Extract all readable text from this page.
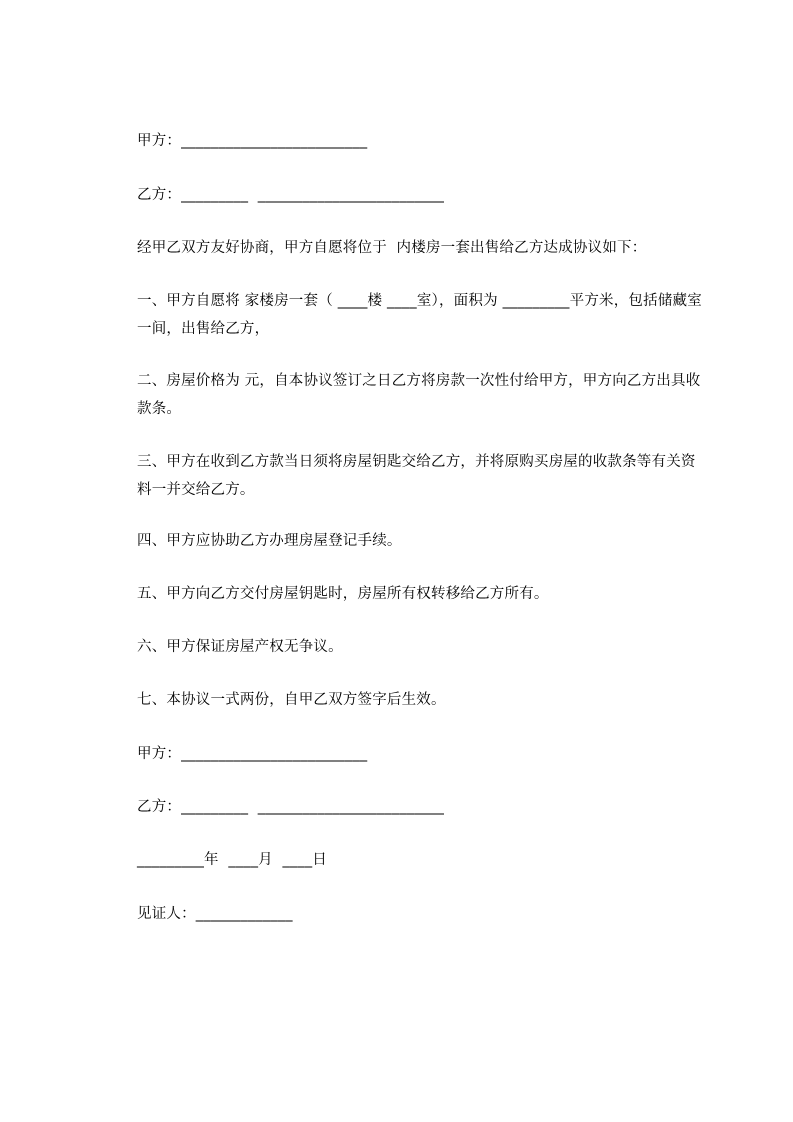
甲方：_________________________
乙方：_________  _________________________
经甲乙双方友好协商，甲方自愿将位于  内楼房一套出售给乙方达成协议如下：
一、甲方自愿将 家楼房一套（ ____楼 ____室），面积为 _________平方米，包括储藏室一间，出售给乙方，
二、房屋价格为 元，自本协议签订之日乙方将房款一次性付给甲方，甲方向乙方出具收款条。
三、甲方在收到乙方款当日须将房屋钥匙交给乙方，并将原购买房屋的收款条等有关资料一并交给乙方。
四、甲方应协助乙方办理房屋登记手续。
五、甲方向乙方交付房屋钥匙时，房屋所有权转移给乙方所有。
六、甲方保证房屋产权无争议。
七、本协议一式两份，自甲乙双方签字后生效。
甲方：_________________________
乙方：_________  _________________________
_________年  ____月  ____日
见证人：_____________
